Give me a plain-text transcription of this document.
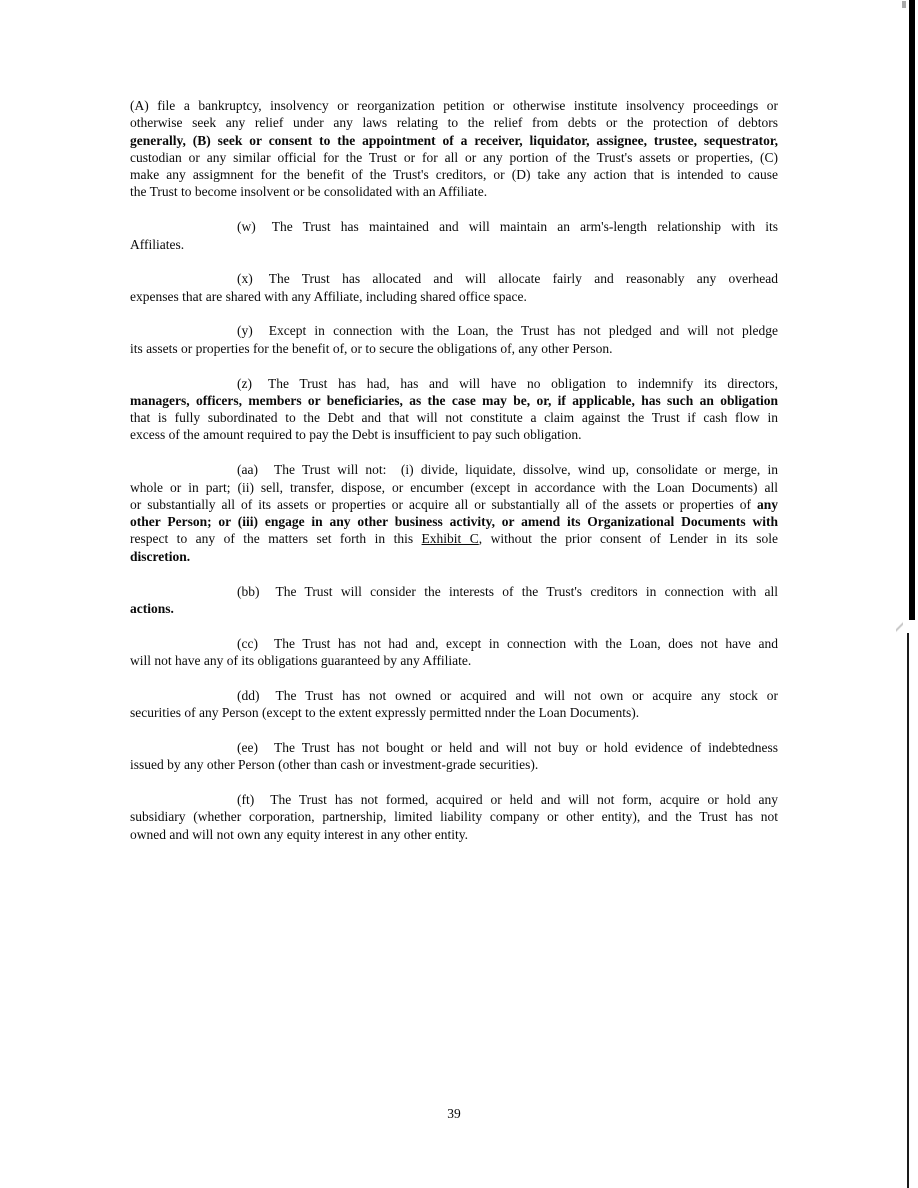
(A) file a bankruptcy, insolvency or reorganization petition or otherwise institute insolvency proceedings or
otherwise seek any relief under any laws relating to the relief from debts or the protection of debtors
generally, (B) seek or consent to the appointment of a receiver, liquidator, assignee, trustee, sequestrator,
custodian or any similar official for the Trust or for all or any portion of the Trust's assets or properties, (C)
make any assigmnent for the benefit of the Trust's creditors, or (D) take any action that is intended to cause
the Trust to become insolvent or be consolidated with an Affiliate.
(w) The Trust has maintained and will maintain an arm's-length relationship with its
Affiliates.
(x) The Trust has allocated and will allocate fairly and reasonably any overhead
expenses that are shared with any Affiliate, including shared office space.
(y) Except in connection with the Loan, the Trust has not pledged and will not pledge
its assets or properties for the benefit of, or to secure the obligations of, any other Person.
(z) The Trust has had, has and will have no obligation to indemnify its directors,
managers, officers, members or beneficiaries, as the case may be, or, if applicable, has such an obligation
that is fully subordinated to the Debt and that will not constitute a claim against the Trust if cash flow in
excess of the amount required to pay the Debt is insufficient to pay such obligation.
(aa) The Trust will not:  (i) divide, liquidate, dissolve, wind up, consolidate or merge, in
whole or in part; (ii) sell, transfer, dispose, or encumber (except in accordance with the Loan Documents) all
or substantially all of its assets or properties or acquire all or substantially all of the assets or properties of any
other Person; or (iii) engage in any other business activity, or amend its Organizational Documents with
respect to any of the matters set forth in this Exhibit C, without the prior consent of Lender in its sole
discretion.
(bb) The Trust will consider the interests of the Trust's creditors in connection with all
actions.
(cc) The Trust has not had and, except in connection with the Loan, does not have and
will not have any of its obligations guaranteed by any Affiliate.
(dd) The Trust has not owned or acquired and will not own or acquire any stock or
securities of any Person (except to the extent expressly permitted nnder the Loan Documents).
(ee) The Trust has not bought or held and will not buy or hold evidence of indebtedness
issued by any other Person (other than cash or investment-grade securities).
(ft) The Trust has not formed, acquired or held and will not form, acquire or hold any
subsidiary (whether corporation, partnership, limited liability company or other entity), and the Trust has not
owned and will not own any equity interest in any other entity.
39
